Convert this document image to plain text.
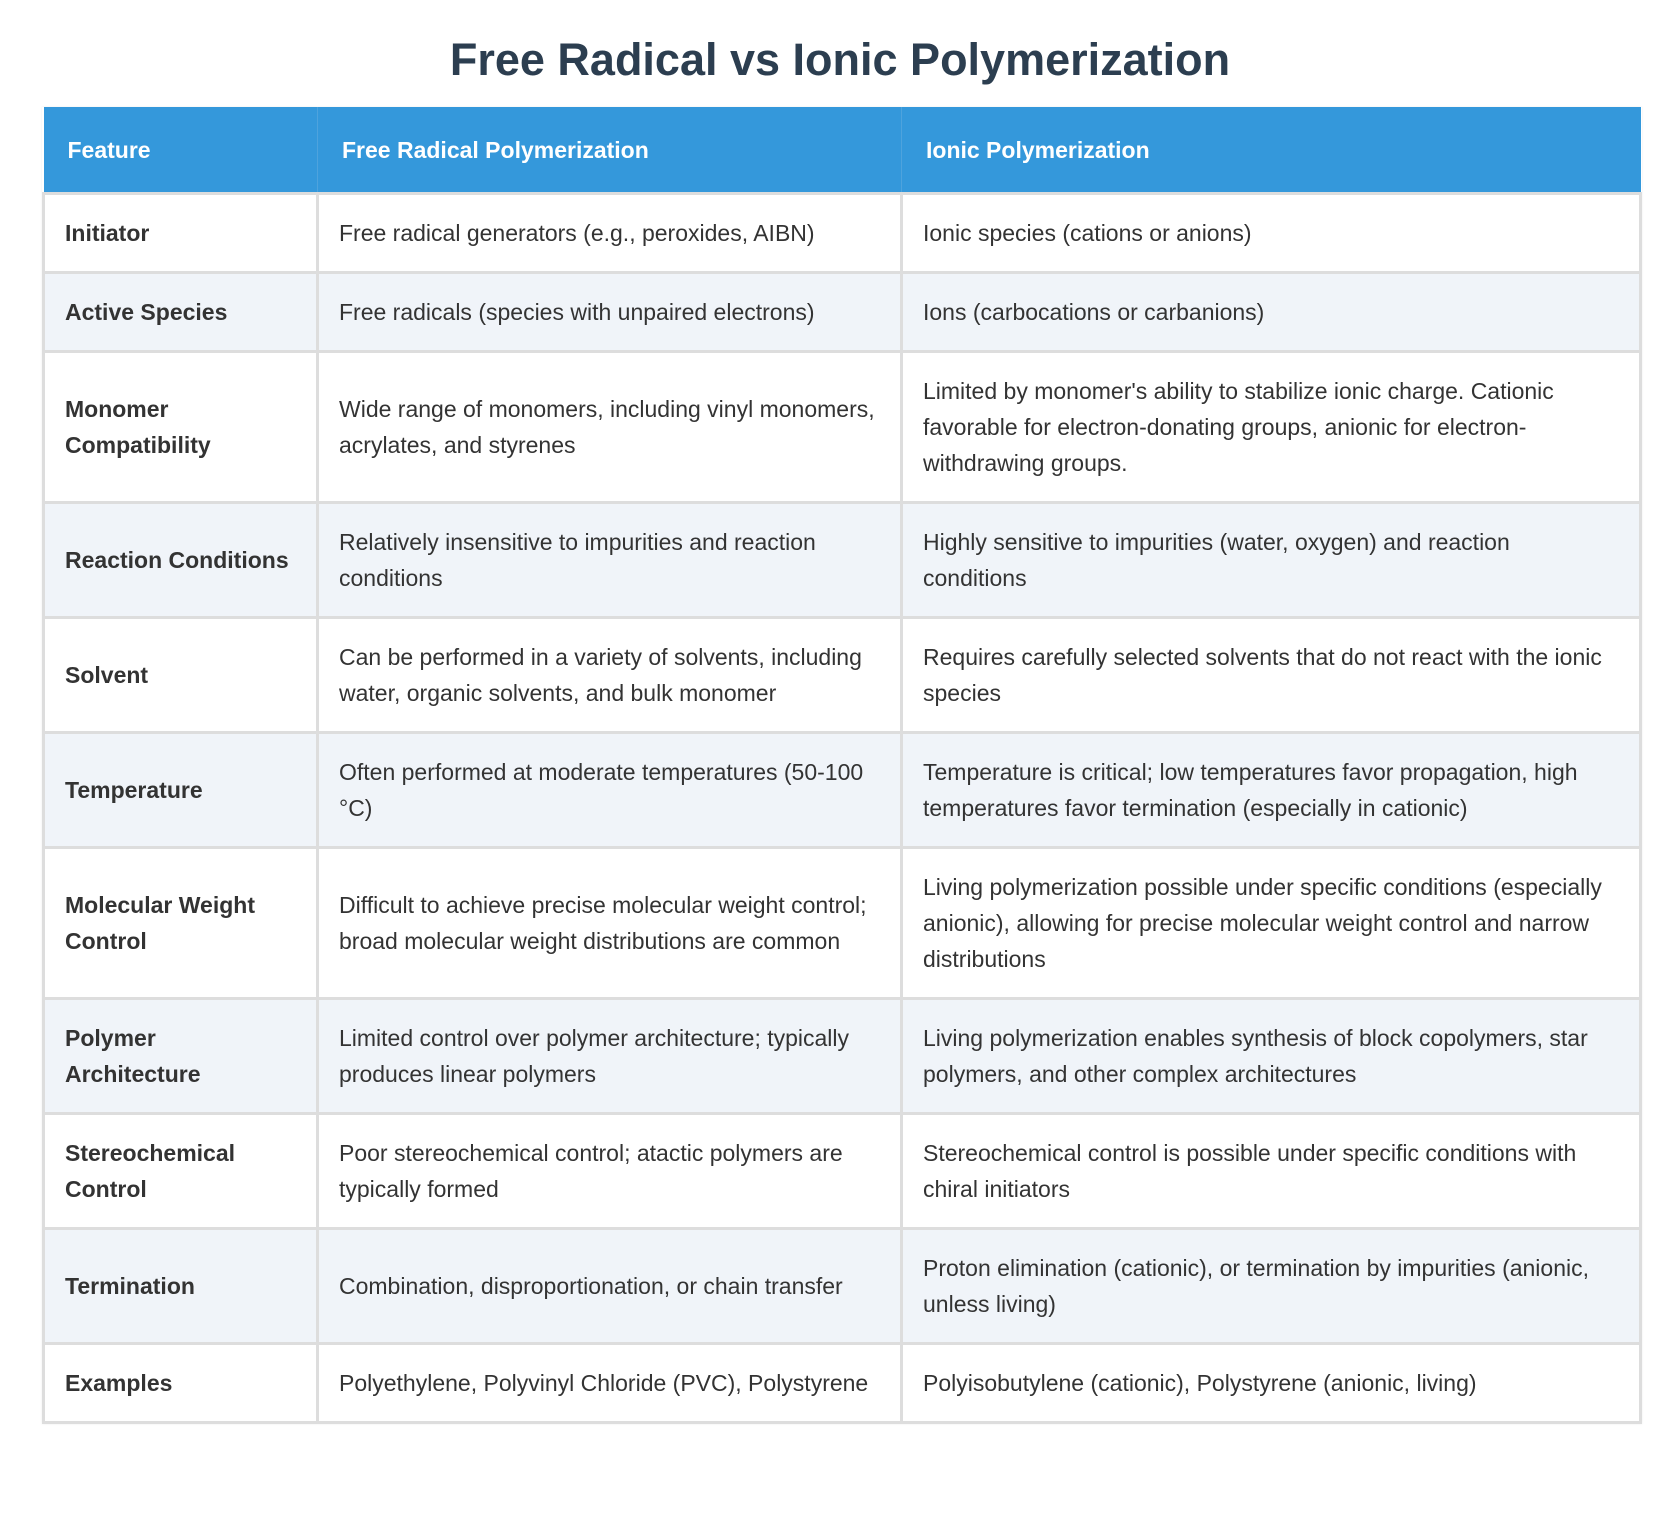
Free Radical vs Ionic Polymerization
Feature	Free Radical Polymerization	Ionic Polymerization
Initiator	Free radical generators (e.g., peroxides, AIBN)	Ionic species (cations or anions)
Active Species	Free radicals (species with unpaired electrons)	Ions (carbocations or carbanions)
Monomer Compatibility	Wide range of monomers, including vinyl monomers, acrylates, and styrenes	Limited by monomer's ability to stabilize ionic charge. Cationic favorable for electron-donating groups, anionic for electron-withdrawing groups.
Reaction Conditions	Relatively insensitive to impurities and reaction conditions	Highly sensitive to impurities (water, oxygen) and reaction conditions
Solvent	Can be performed in a variety of solvents, including water, organic solvents, and bulk monomer	Requires carefully selected solvents that do not react with the ionic species
Temperature	Often performed at moderate temperatures (50-100 °C)	Temperature is critical; low temperatures favor propagation, high temperatures favor termination (especially in cationic)
Molecular Weight Control	Difficult to achieve precise molecular weight control; broad molecular weight distributions are common	Living polymerization possible under specific conditions (especially anionic), allowing for precise molecular weight control and narrow distributions
Polymer Architecture	Limited control over polymer architecture; typically produces linear polymers	Living polymerization enables synthesis of block copolymers, star polymers, and other complex architectures
Stereochemical Control	Poor stereochemical control; atactic polymers are typically formed	Stereochemical control is possible under specific conditions with chiral initiators
Termination	Combination, disproportionation, or chain transfer	Proton elimination (cationic), or termination by impurities (anionic, unless living)
Examples	Polyethylene, Polyvinyl Chloride (PVC), Polystyrene	Polyisobutylene (cationic), Polystyrene (anionic, living)
